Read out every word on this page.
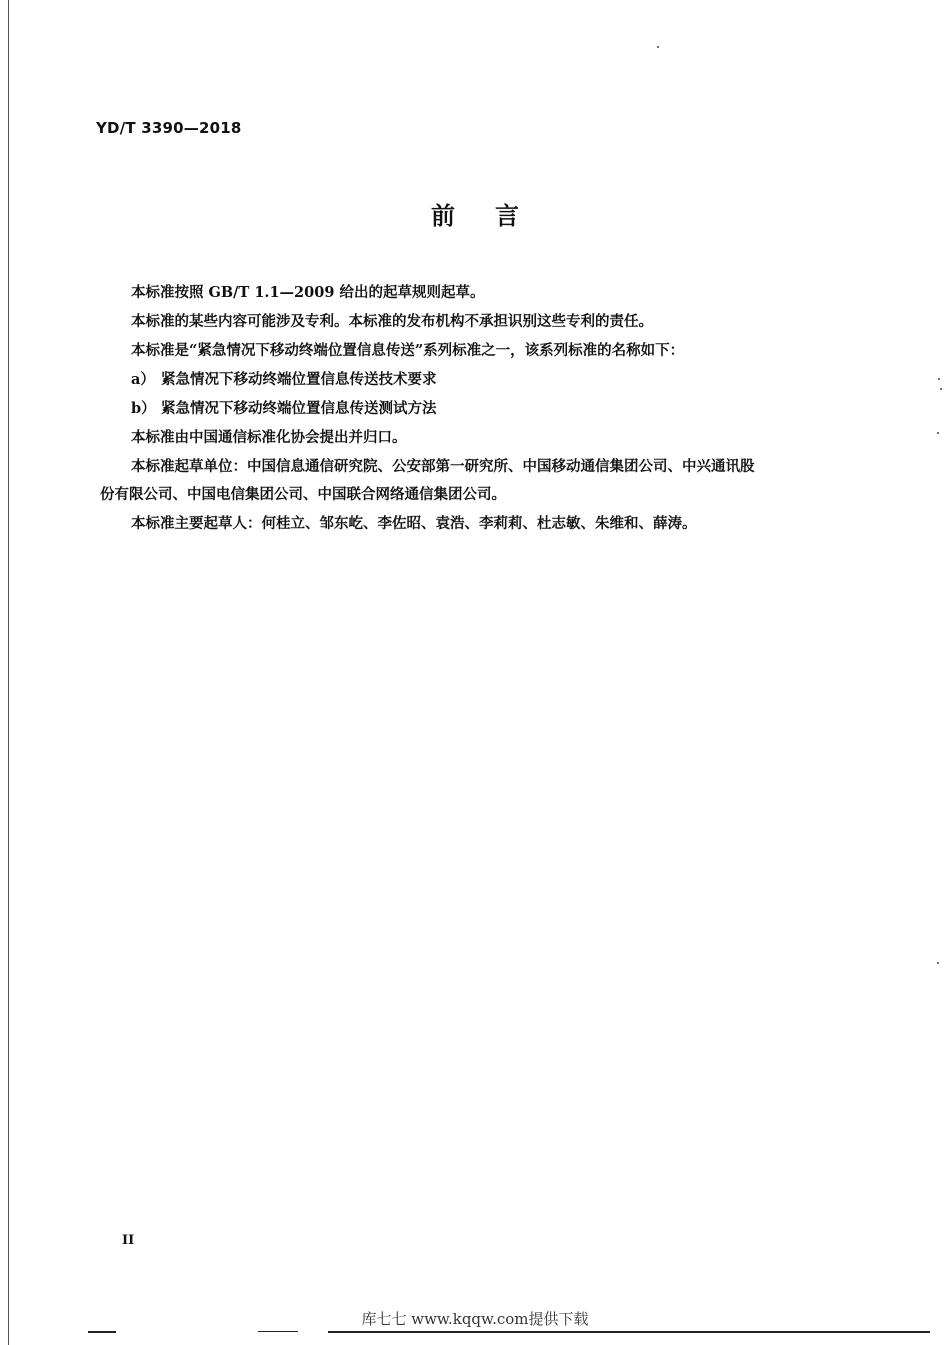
YD/T 3390—2018
前言
本标准按照 GB/T 1.1—2009 给出的起草规则起草。
本标准的某些内容可能涉及专利。本标准的发布机构不承担识别这些专利的责任。
本标准是“紧急情况下移动终端位置信息传送”系列标准之一，该系列标准的名称如下：
a） 紧急情况下移动终端位置信息传送技术要求
b） 紧急情况下移动终端位置信息传送测试方法
本标准由中国通信标准化协会提出并归口。
本标准起草单位：中国信息通信研究院、公安部第一研究所、中国移动通信集团公司、中兴通讯股
份有限公司、中国电信集团公司、中国联合网络通信集团公司。
本标准主要起草人：何桂立、邹东屹、李佐昭、袁浩、李莉莉、杜志敏、朱维和、薛涛。
II
库七七 www.kqqw.com提供下载
